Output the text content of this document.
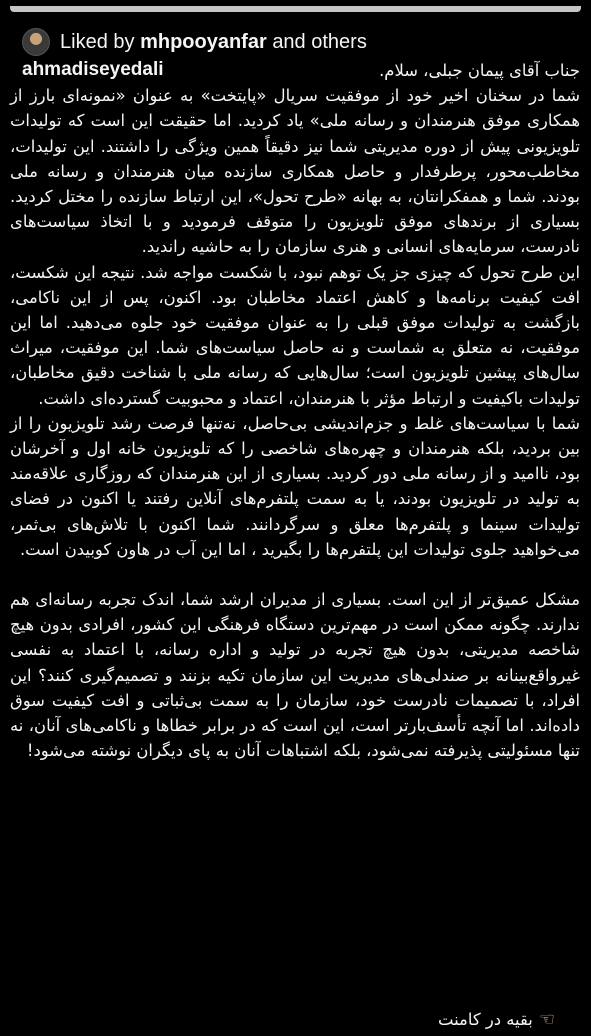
Liked by mhpooyanfar and others
ahmadiseyedali	جناب آقای پیمان جبلی، سلام.

شما در سخنان اخیر خود از موفقیت سریال «پایتخت» به عنوان «نمونه‌ای بارز از همکاری موفق هنرمندان و رسانه ملی» یاد کردید. اما حقیقت این است که تولیدات تلویزیونی پیش از دوره مدیریتی شما نیز دقیقاً همین ویژگی را داشتند. این تولیدات، مخاطب‌محور، پرطرفدار و حاصل همکاری سازنده میان هنرمندان و رسانه ملی بودند. شما و همفکرانتان، به بهانه «طرح تحول»، این ارتباط سازنده را مختل کردید. بسیاری از برندهای موفق تلویزیون را متوقف فرمودید و با اتخاذ سیاست‌های نادرست، سرمایه‌های انسانی و هنری سازمان را به حاشیه راندید.

این طرح تحول که چیزی جز یک توهم نبود، با شکست مواجه شد. نتیجه این شکست، افت کیفیت برنامه‌ها و کاهش اعتماد مخاطبان بود. اکنون، پس از این ناکامی، بازگشت به تولیدات موفق قبلی را به عنوان موفقیت خود جلوه می‌دهید. اما این موفقیت، نه متعلق به شماست و نه حاصل سیاست‌های شما. این موفقیت، میراث سال‌های پیشین تلویزیون است؛ سال‌هایی که رسانه ملی با شناخت دقیق مخاطبان، تولیدات باکیفیت و ارتباط مؤثر با هنرمندان، اعتماد و محبوبیت گسترده‌ای داشت.

شما با سیاست‌های غلط و جزم‌اندیشی بی‌حاصل، نه‌تنها فرصت رشد تلویزیون را از بین بردید، بلکه هنرمندان و چهره‌های شاخصی را که تلویزیون خانه اول و آخرشان بود، ناامید و از رسانه ملی دور کردید. بسیاری از این هنرمندان که روزگاری علاقه‌مند به تولید در تلویزیون بودند، یا به سمت پلتفرم‌های آنلاین رفتند یا اکنون در فضای تولیدات سینما و پلتفرم‌ها معلق و سرگردانند. شما اکنون با تلاش‌های بی‌ثمر، می‌خواهید جلوی تولیدات این پلتفرم‌ها را بگیرید ، اما این آب در هاون کوبیدن است.

مشکل عمیق‌تر از این است. بسیاری از مدیران ارشد شما، اندک تجربه رسانه‌ای هم ندارند. چگونه ممکن است در مهم‌ترین دستگاه فرهنگی این کشور، افرادی بدون هیچ شاخصه مدیریتی، بدون هیچ تجربه در تولید و اداره رسانه، با اعتماد به نفسی غیرواقع‌بینانه بر صندلی‌های مدیریت این سازمان تکیه بزنند و تصمیم‌گیری کنند؟ این افراد، با تصمیمات نادرست خود، سازمان را به سمت بی‌ثباتی و افت کیفیت سوق داده‌اند. اما آنچه تأسف‌بارتر است، این است که در برابر خطاها و ناکامی‌های آنان، نه تنها مسئولیتی پذیرفته نمی‌شود، بلکه اشتباهات آنان به پای دیگران نوشته می‌شود!

☜
بقیه در کامنت
